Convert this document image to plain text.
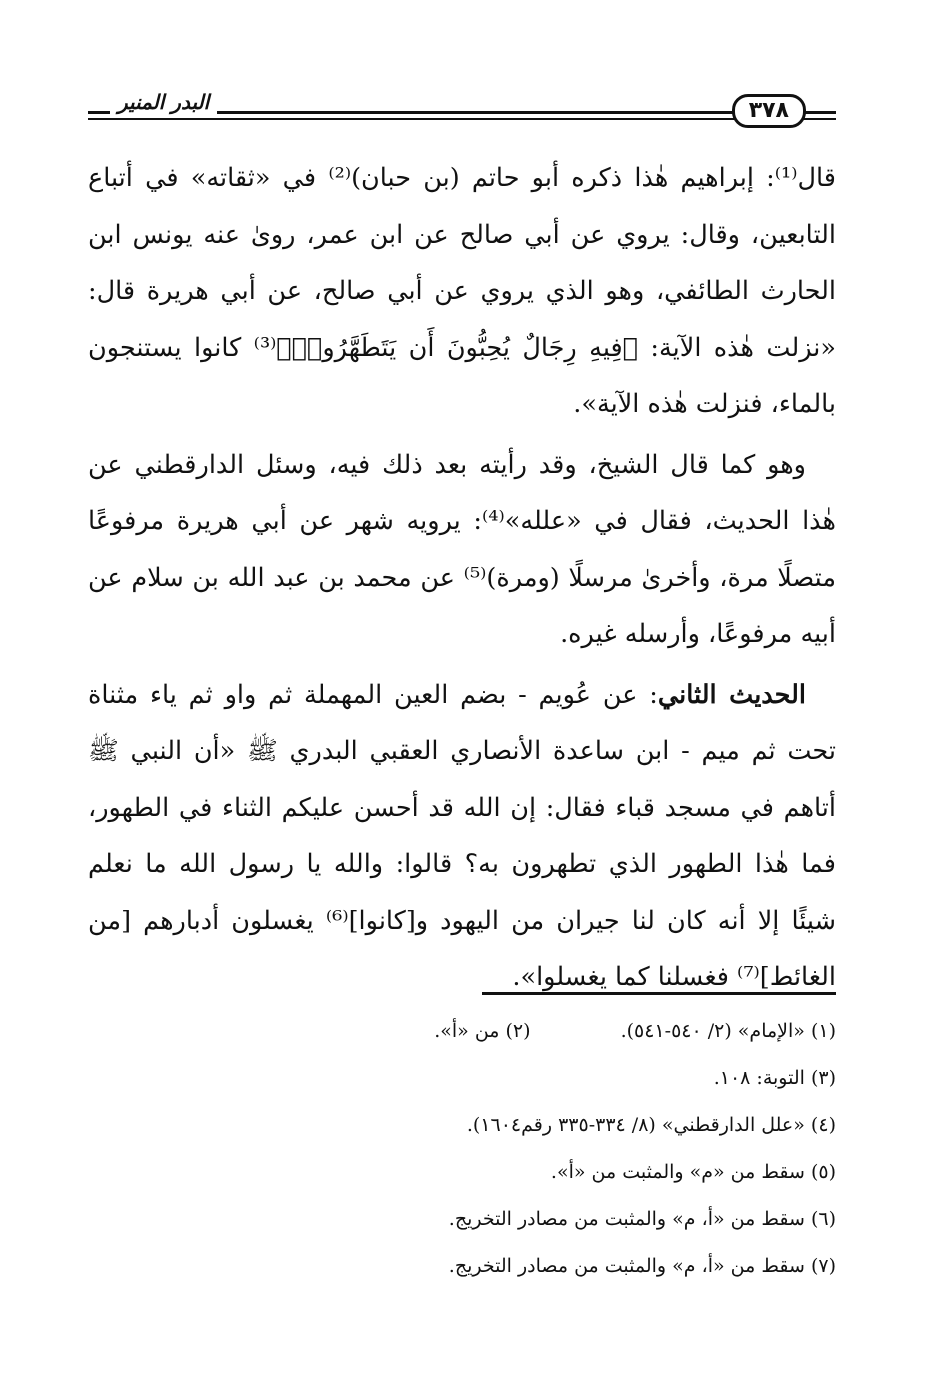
البدر المنير	٣٧٨

قال⁽¹⁾: إبراهيم هٰذا ذكره أبو حاتم (بن حبان)⁽²⁾ في «ثقاته» في أتباع التابعين، وقال: يروي عن أبي صالح عن ابن عمر، روىٰ عنه يونس ابن الحارث الطائفي، وهو الذي يروي عن أبي صالح، عن أبي هريرة قال: «نزلت هٰذه الآية: ﴿فِيهِ رِجَالٌ يُحِبُّونَ أَن يَتَطَهَّرُوا۟﴾⁽³⁾ كانوا يستنجون بالماء، فنزلت هٰذه الآية».

وهو كما قال الشيخ، وقد رأيته بعد ذلك فيه، وسئل الدارقطني عن هٰذا الحديث، فقال في «علله»⁽⁴⁾: يرويه شهر عن أبي هريرة مرفوعًا متصلًا مرة، وأخرىٰ مرسلًا (ومرة)⁽⁵⁾ عن محمد بن عبد الله بن سلام عن أبيه مرفوعًا، وأرسله غيره.

الحديث الثاني: عن عُويم - بضم العين المهملة ثم واو ثم ياء مثناة تحت ثم ميم - ابن ساعدة الأنصاري العقبي البدري ﷺ «أن النبي ﷺ أتاهم في مسجد قباء فقال: إن الله قد أحسن عليكم الثناء في الطهور، فما هٰذا الطهور الذي تطهرون به؟ قالوا: والله يا رسول الله ما نعلم شيئًا إلا أنه كان لنا جيران من اليهود و[كانوا]⁽⁶⁾ يغسلون أدبارهم [من الغائط]⁽⁷⁾ فغسلنا كما يغسلوا».

(١) «الإمام» (٢/ ٥٤٠-٥٤١).
(٢) من «أ».
(٣) التوبة: ١٠٨.
(٤) «علل الدارقطني» (٨/ ٣٣٤-٣٣٥ رقم١٦٠٤).
(٥) سقط من «م» والمثبت من «أ».
(٦) سقط من «أ، م» والمثبت من مصادر التخريج.
(٧) سقط من «أ، م» والمثبت من مصادر التخريج.
